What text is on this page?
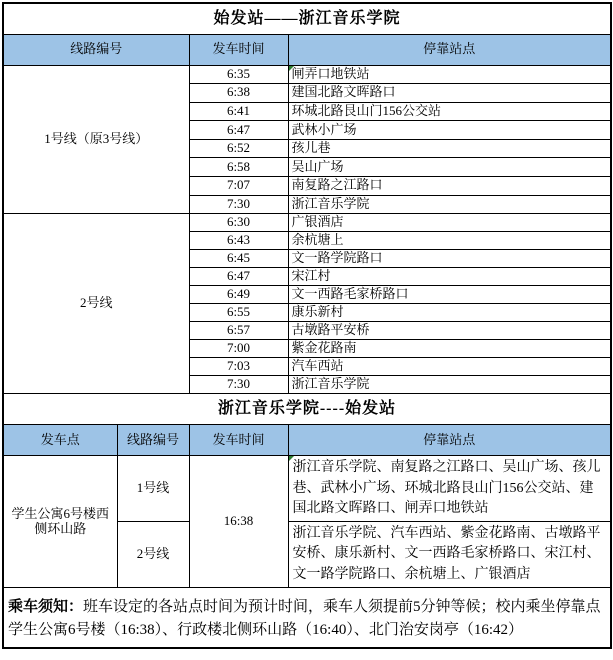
始发站——浙江音乐学院			
线路编号		发车时间	停靠站点
1号线（原3号线）		6:35	闸弄口地铁站
		6:38	建国北路文晖路口
		6:41	环城北路艮山门156公交站
		6:47	武林小广场
		6:52	孩儿巷
		6:58	吴山广场
		7:07	南复路之江路口
		7:30	浙江音乐学院
2号线		6:30	广银酒店
		6:43	余杭塘上
		6:45	文一路学院路口
		6:47	宋江村
		6:49	文一西路毛家桥路口
		6:55	康乐新村
		6:57	古墩路平安桥
		7:00	紫金花路南
		7:03	汽车西站
		7:30	浙江音乐学院
浙江音乐学院----始发站			
发车点	线路编号	发车时间	停靠站点
学生公寓6号楼西侧环山路	1号线	16:38	浙江音乐学院、南复路之江路口、吴山广场、孩儿巷、武林小广场、环城北路艮山门156公交站、建国北路文晖路口、闸弄口地铁站
	2号线		浙江音乐学院、汽车西站、紫金花路南、古墩路平安桥、康乐新村、文一西路毛家桥路口、宋江村、文一路学院路口、余杭塘上、广银酒店
乘车须知：班车设定的各站点时间为预计时间，乘车人须提前5分钟等候；校内乘坐停靠点学生公寓6号楼（16:38）、行政楼北侧环山路（16:40）、北门治安岗亭（16:42）			
